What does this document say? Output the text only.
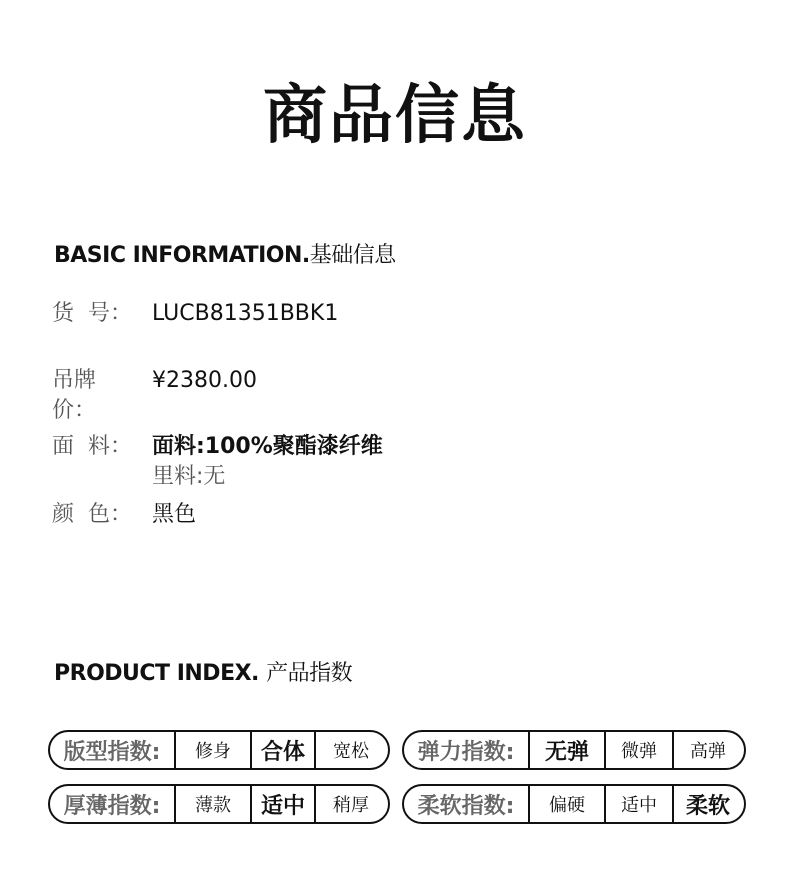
商品信息
BASIC INFORMATION.基础信息
货 号： LUCB81351BBK1
吊牌价：
¥2380.00
面 料： 面料:100%聚酯漆纤维
里料:无
颜 色： 黑色
PRODUCT INDEX. 产品指数
版型指数:	修身	合体	宽松	弹力指数:	无弹	微弹	高弹
厚薄指数:	薄款	适中	稍厚	柔软指数:	偏硬	适中	柔软
